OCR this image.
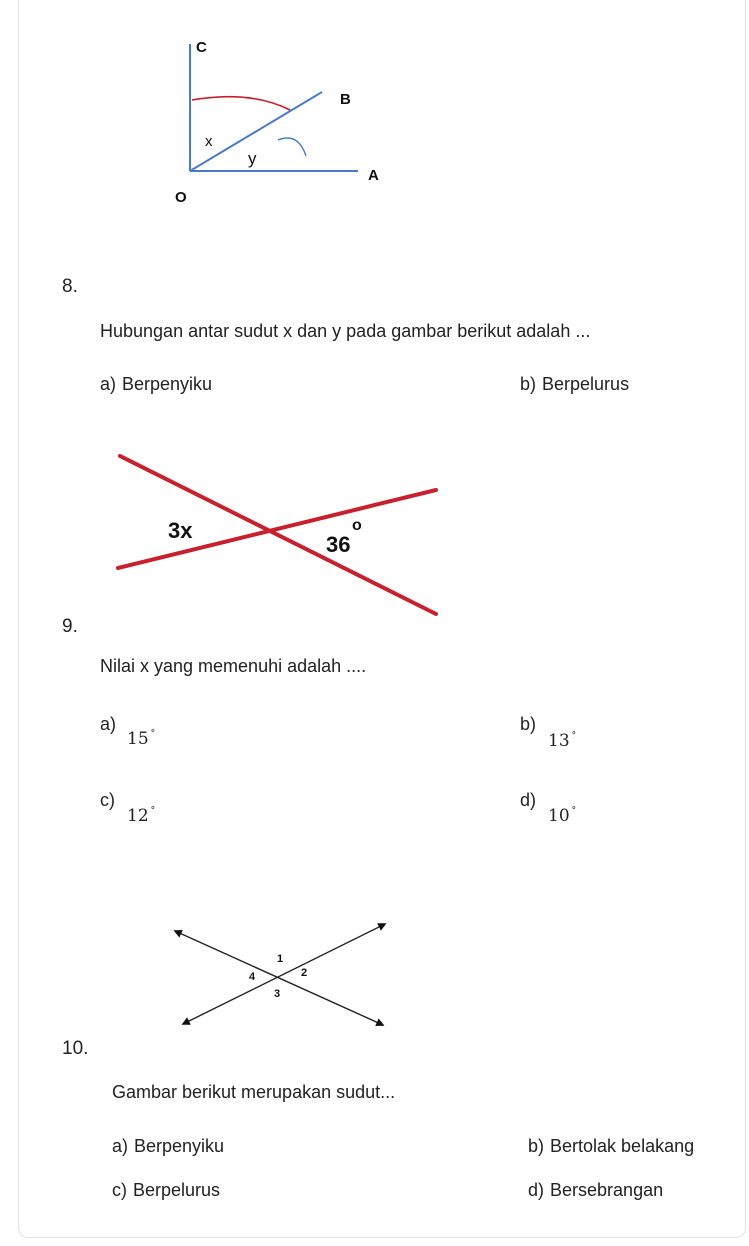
C
B
A
O
x
y
8.
Hubungan antar sudut x dan y pada gambar berikut adalah ...
a) Berpenyiku	b) Berpelurus
3x
36
o
9.
Nilai x yang memenuhi adalah ....
a)
15 °	b)
13 °
c)
12 °
d)
10 °
1
4	2
3
10.
Gambar berikut merupakan sudut...
a) Berpenyiku	b) Bertolak belakang
c) Berpelurus	d) Bersebrangan
